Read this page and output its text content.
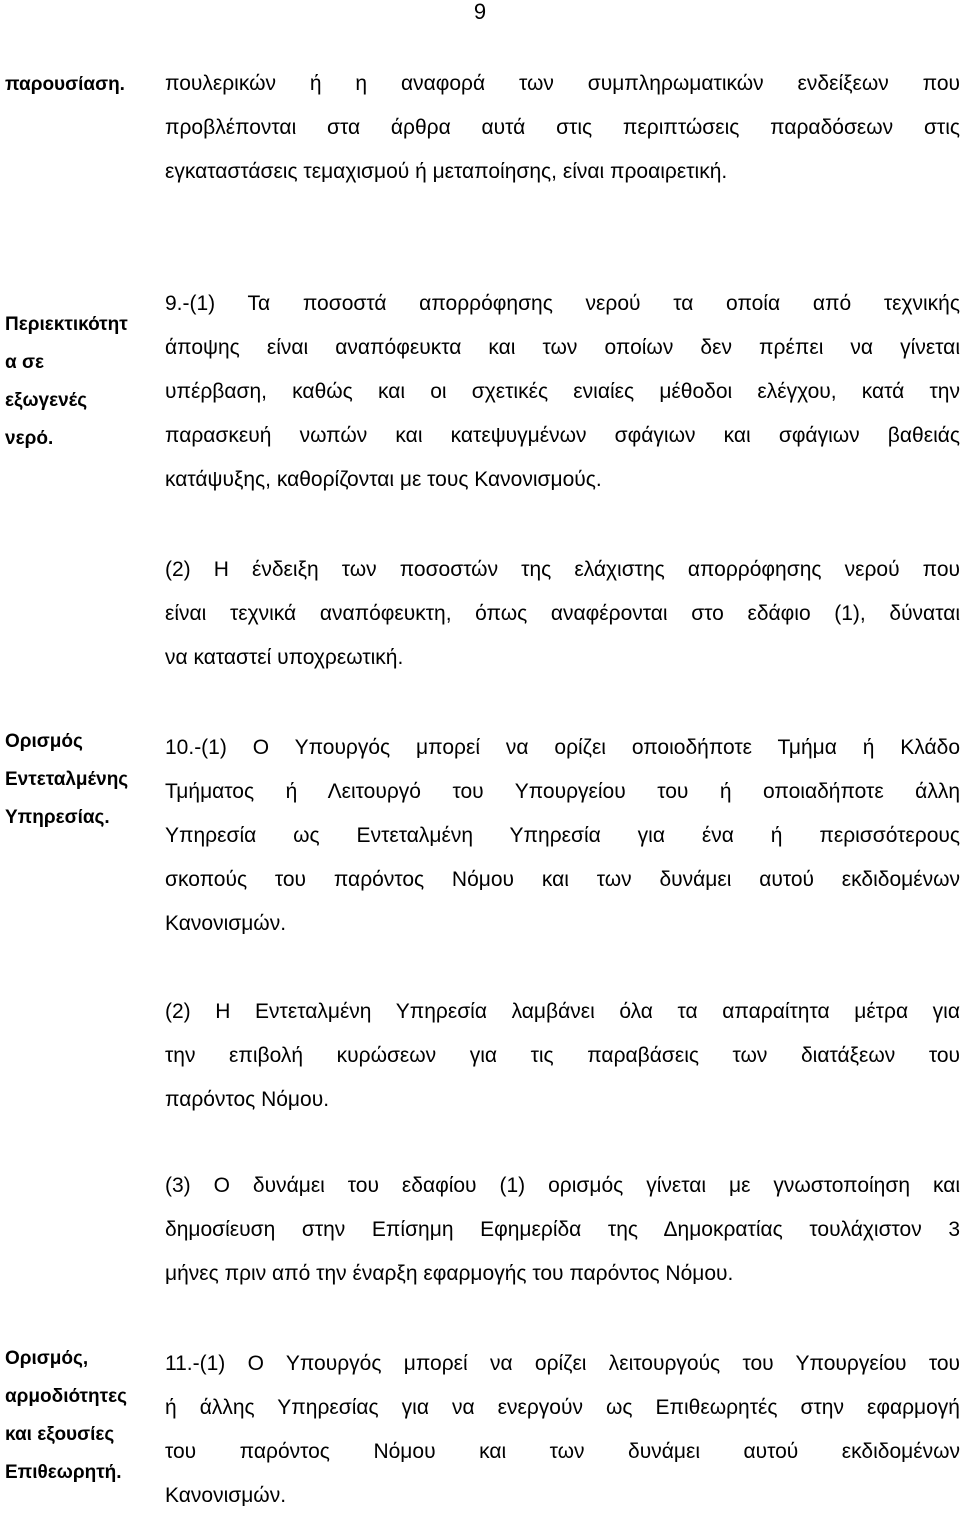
9
παρουσίαση.	πουλερικών ή η αναφορά των συμπληρωματικών ενδείξεων που
προβλέπονται στα άρθρα αυτά στις περιπτώσεις παραδόσεων στις
εγκαταστάσεις τεμαχισμού ή μεταποίησης, είναι προαιρετική.
Περιεκτικότητ
α σε
εξωγενές
νερό.
9.-(1) Τα ποσοστά απορρόφησης νερού τα οποία από τεχνικής
άποψης είναι αναπόφευκτα και των οποίων δεν πρέπει να γίνεται
υπέρβαση, καθώς και οι σχετικές ενιαίες μέθοδοι ελέγχου, κατά την
παρασκευή νωπών και κατεψυγμένων σφάγιων και σφάγιων βαθειάς
κατάψυξης, καθορίζονται με τους Κανονισμούς.
(2) Η ένδειξη των ποσοστών της ελάχιστης απορρόφησης νερού που
είναι τεχνικά αναπόφευκτη, όπως αναφέρονται στο εδάφιο (1), δύναται
να καταστεί υποχρεωτική.
Ορισμός
Εντεταλμένης
Υπηρεσίας.
10.-(1) Ο Υπουργός μπορεί να ορίζει οποιοδήποτε Τμήμα ή Κλάδο
Τμήματος ή Λειτουργό του Υπουργείου του ή οποιαδήποτε άλλη
Υπηρεσία ως Εντεταλμένη Υπηρεσία για ένα ή περισσότερους
σκοπούς του παρόντος Νόμου και των δυνάμει αυτού εκδιδομένων
Κανονισμών.
(2) Η Εντεταλμένη Υπηρεσία λαμβάνει όλα τα απαραίτητα μέτρα για
την επιβολή κυρώσεων για τις παραβάσεις των διατάξεων του
παρόντος Νόμου.
(3) Ο δυνάμει του εδαφίου (1) ορισμός γίνεται με γνωστοποίηση και
δημοσίευση στην Επίσημη Εφημερίδα της Δημοκρατίας τουλάχιστον 3
μήνες πριν από την έναρξη εφαρμογής του παρόντος Νόμου.
Ορισμός,
αρμοδιότητες
και εξουσίες
Επιθεωρητή.
11.-(1) Ο Υπουργός μπορεί να ορίζει λειτουργούς του Υπουργείου του
ή άλλης Υπηρεσίας για να ενεργούν ως Επιθεωρητές στην εφαρμογή
του παρόντος Νόμου και των δυνάμει αυτού εκδιδομένων
Κανονισμών.
